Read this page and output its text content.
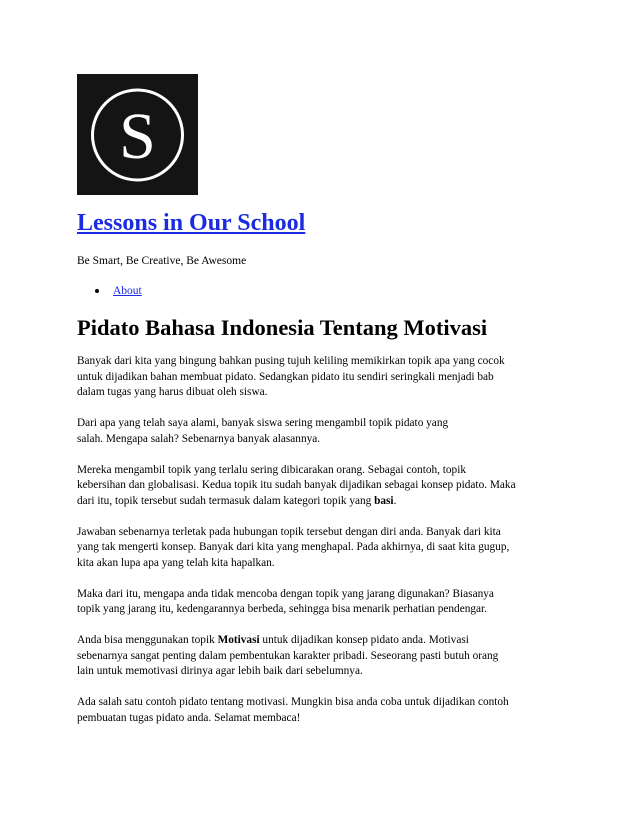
S
Lessons in Our School
Be Smart, Be Creative, Be Awesome
About
Pidato Bahasa Indonesia Tentang Motivasi

Banyak dari kita yang bingung bahkan pusing tujuh keliling memikirkan topik apa yang cocok
untuk dijadikan bahan membuat pidato. Sedangkan pidato itu sendiri seringkali menjadi bab
dalam tugas yang harus dibuat oleh siswa.

Dari apa yang telah saya alami, banyak siswa sering mengambil topik pidato yang
salah. Mengapa salah? Sebenarnya banyak alasannya.

Mereka mengambil topik yang terlalu sering dibicarakan orang. Sebagai contoh, topik
kebersihan dan globalisasi. Kedua topik itu sudah banyak dijadikan sebagai konsep pidato. Maka
dari itu, topik tersebut sudah termasuk dalam kategori topik yang basi.

Jawaban sebenarnya terletak pada hubungan topik tersebut dengan diri anda. Banyak dari kita
yang tak mengerti konsep. Banyak dari kita yang menghapal. Pada akhirnya, di saat kita gugup,
kita akan lupa apa yang telah kita hapalkan.

Maka dari itu, mengapa anda tidak mencoba dengan topik yang jarang digunakan? Biasanya
topik yang jarang itu, kedengarannya berbeda, sehingga bisa menarik perhatian pendengar.

Anda bisa menggunakan topik Motivasi untuk dijadikan konsep pidato anda. Motivasi
sebenarnya sangat penting dalam pembentukan karakter pribadi. Seseorang pasti butuh orang
lain untuk memotivasi dirinya agar lebih baik dari sebelumnya.

Ada salah satu contoh pidato tentang motivasi. Mungkin bisa anda coba untuk dijadikan contoh
pembuatan tugas pidato anda. Selamat membaca!
